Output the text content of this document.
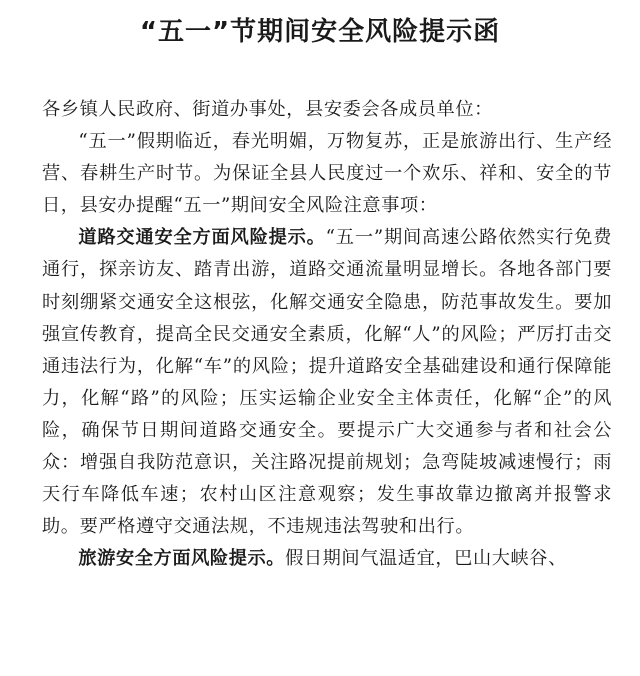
“五一”节期间安全风险提示函

各乡镇人民政府、街道办事处，县安委会各成员单位：

“五一”假期临近，春光明媚，万物复苏，正是旅游出行、生产经营、春耕生产时节。为保证全县人民度过一个欢乐、祥和、安全的节日，县安办提醒“五一”期间安全风险注意事项：

道路交通安全方面风险提示。“五一”期间高速公路依然实行免费通行，探亲访友、踏青出游，道路交通流量明显增长。各地各部门要时刻绷紧交通安全这根弦，化解交通安全隐患，防范事故发生。要加强宣传教育，提高全民交通安全素质，化解“人”的风险；严厉打击交通违法行为，化解“车”的风险；提升道路安全基础建设和通行保障能力，化解“路”的风险；压实运输企业安全主体责任，化解“企”的风险，确保节日期间道路交通安全。要提示广大交通参与者和社会公众：增强自我防范意识，关注路况提前规划；急弯陡坡减速慢行；雨天行车降低车速；农村山区注意观察；发生事故靠边撤离并报警求助。要严格遵守交通法规，不违规违法驾驶和出行。

旅游安全方面风险提示。假日期间气温适宜，巴山大峡谷、
